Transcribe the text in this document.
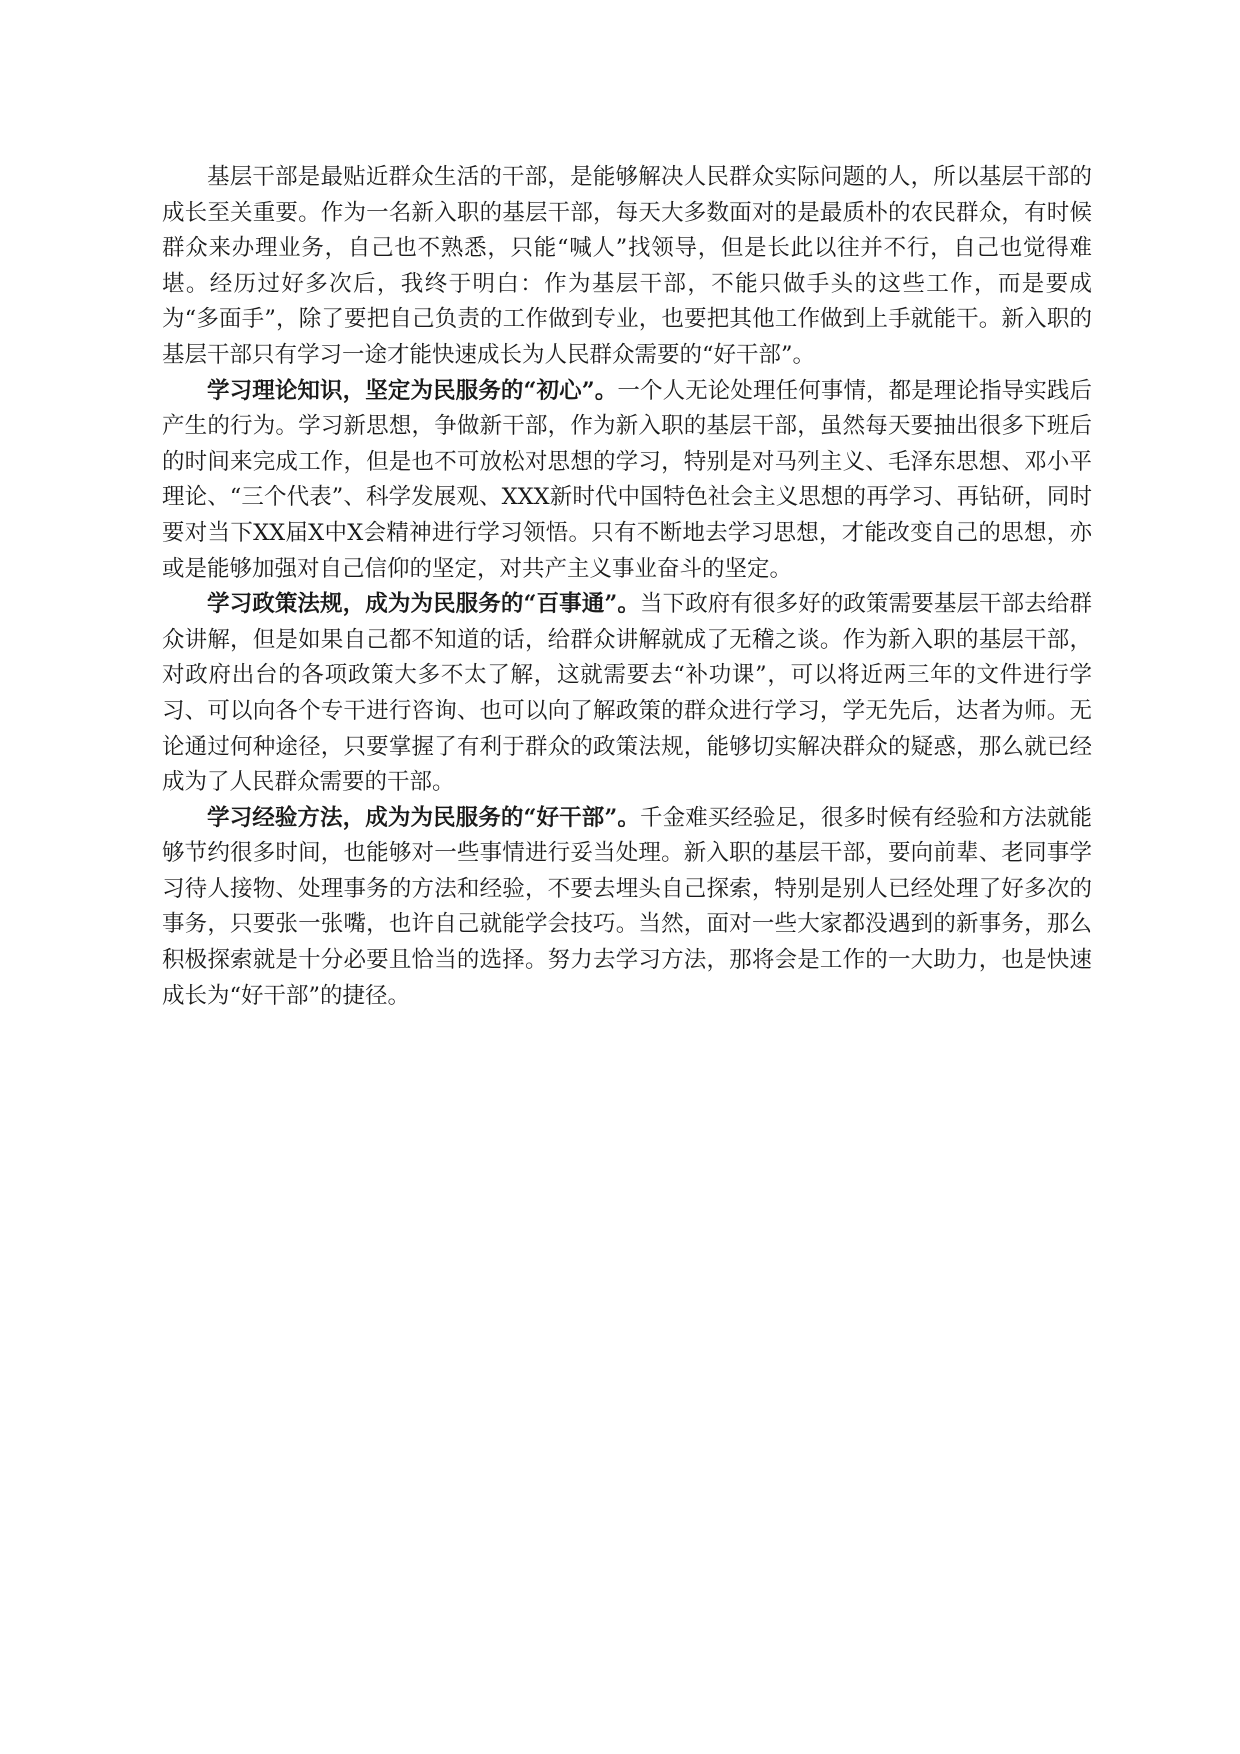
基层干部是最贴近群众生活的干部，是能够解决人民群众实际问题的人，所以基层干部的成长至关重要。作为一名新入职的基层干部，每天大多数面对的是最质朴的农民群众，有时候群众来办理业务，自己也不熟悉，只能“喊人”找领导，但是长此以往并不行，自己也觉得难堪。经历过好多次后，我终于明白：作为基层干部，不能只做手头的这些工作，而是要成为“多面手”，除了要把自己负责的工作做到专业，也要把其他工作做到上手就能干。新入职的基层干部只有学习一途才能快速成长为人民群众需要的“好干部”。

学习理论知识，坚定为民服务的“初心”。一个人无论处理任何事情，都是理论指导实践后产生的行为。学习新思想，争做新干部，作为新入职的基层干部，虽然每天要抽出很多下班后的时间来完成工作，但是也不可放松对思想的学习，特别是对马列主义、毛泽东思想、邓小平理论、“三个代表”、科学发展观、XXX新时代中国特色社会主义思想的再学习、再钻研，同时要对当下XX届X中X会精神进行学习领悟。只有不断地去学习思想，才能改变自己的思想，亦或是能够加强对自己信仰的坚定，对共产主义事业奋斗的坚定。

学习政策法规，成为为民服务的“百事通”。当下政府有很多好的政策需要基层干部去给群众讲解，但是如果自己都不知道的话，给群众讲解就成了无稽之谈。作为新入职的基层干部，对政府出台的各项政策大多不太了解，这就需要去“补功课”，可以将近两三年的文件进行学习、可以向各个专干进行咨询、也可以向了解政策的群众进行学习，学无先后，达者为师。无论通过何种途径，只要掌握了有利于群众的政策法规，能够切实解决群众的疑惑，那么就已经成为了人民群众需要的干部。

学习经验方法，成为为民服务的“好干部”。千金难买经验足，很多时候有经验和方法就能够节约很多时间，也能够对一些事情进行妥当处理。新入职的基层干部，要向前辈、老同事学习待人接物、处理事务的方法和经验，不要去埋头自己探索，特别是别人已经处理了好多次的事务，只要张一张嘴，也许自己就能学会技巧。当然，面对一些大家都没遇到的新事务，那么积极探索就是十分必要且恰当的选择。努力去学习方法，那将会是工作的一大助力，也是快速成长为“好干部”的捷径。
